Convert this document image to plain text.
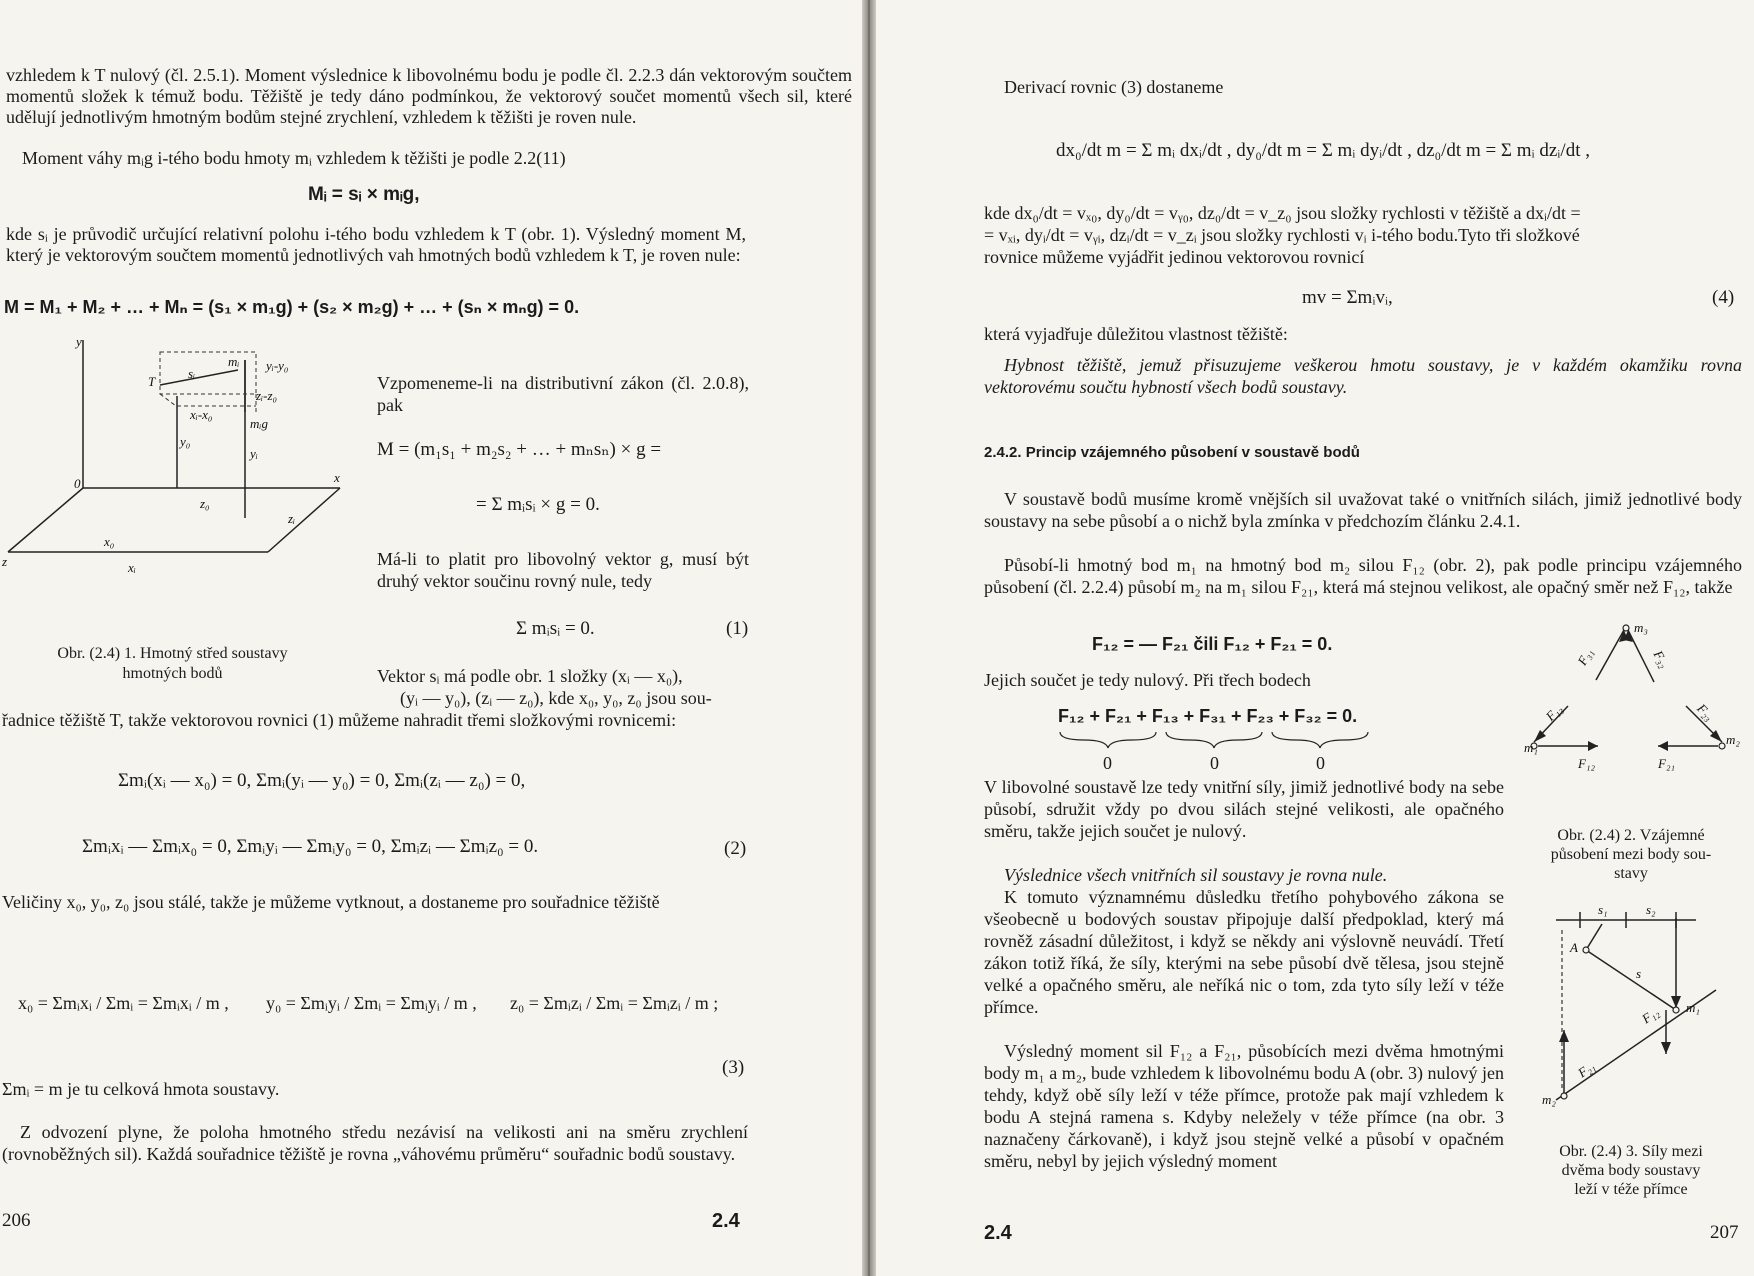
vzhledem k T nulový (čl. 2.5.1). Moment výslednice k libovolnému bodu je podle čl. 2.2.3 dán vektorovým součtem momentů složek k témuž bodu. Těžiště je tedy dáno podmínkou, že vektorový součet momentů všech sil, které udělují jednotlivým hmotným bodům stejné zrychlení, vzhledem k těžišti je roven nule.
Moment váhy mᵢg i-tého bodu hmoty mᵢ vzhledem k těžišti je podle 2.2(11)
Mᵢ = sᵢ × mᵢg,
kde sᵢ je průvodič určující relativní polohu i-tého bodu vzhledem k T (obr. 1). Výsledný moment M, který je vektorovým součtem momentů jednotlivých vah hmotných bodů vzhledem k T, je roven nule:
M = M₁ + M₂ + … + Mₙ = (s₁ × m₁g) + (s₂ × m₂g) + … + (sₙ × mₙg) = 0.
y
x
z
0
T
sᵢ
mᵢ yᵢ-y₀
zᵢ-z₀
xᵢ-x₀
mᵢg
y₀
yᵢ
z₀
zᵢ
x₀
xᵢ
Vzpomeneme-li na distributivní zákon (čl. 2.0.8), pak
M = (m₁s₁ + m₂s₂ + … + mₙsₙ) × g =
= Σ mᵢsᵢ × g = 0.
Má-li to platit pro libovolný vektor g, musí být druhý vektor součinu rovný nule, tedy
Σ mᵢsᵢ = 0.	(1)
Obr. (2.4) 1. Hmotný střed soustavy
hmotných bodů	Vektor sᵢ má podle obr. 1 složky (xᵢ — x₀),
(yᵢ — y₀), (zᵢ — z₀), kde x₀, y₀, z₀ jsou sou-
řadnice těžiště T, takže vektorovou rovnici (1) můžeme nahradit třemi složkovými rovnicemi:
Σmᵢ(xᵢ — x₀) = 0, Σmᵢ(yᵢ — y₀) = 0, Σmᵢ(zᵢ — z₀) = 0,
Σmᵢxᵢ — Σmᵢx₀ = 0, Σmᵢyᵢ — Σmᵢy₀ = 0, Σmᵢzᵢ — Σmᵢz₀ = 0.	(2)
Veličiny x₀, y₀, z₀ jsou stálé, takže je můžeme vytknout, a dostaneme pro souřadnice těžiště
x₀ = Σmᵢxᵢ / Σmᵢ = Σmᵢxᵢ / m , y₀ = Σmᵢyᵢ / Σmᵢ = Σmᵢyᵢ / m , z₀ = Σmᵢzᵢ / Σmᵢ = Σmᵢzᵢ / m ;
(3)
Σmᵢ = m je tu celková hmota soustavy.
Z odvození plyne, že poloha hmotného středu nezávisí na velikosti ani na směru zrychlení (rovnoběžných sil). Každá souřadnice těžiště je rovna „váhovému průměru“ souřadnic bodů soustavy.
206	2.4
Derivací rovnic (3) dostaneme
dx₀/dt m = Σ mᵢ dxᵢ/dt , dy₀/dt m = Σ mᵢ dyᵢ/dt , dz₀/dt m = Σ mᵢ dzᵢ/dt ,
kde dx₀/dt = vₓ₀, dy₀/dt = vᵧ₀, dz₀/dt = v_z₀ jsou složky rychlosti v těžiště a dxᵢ/dt =
= vₓᵢ, dyᵢ/dt = vᵧᵢ, dzᵢ/dt = v_zᵢ jsou složky rychlosti vᵢ i-tého bodu.Tyto tři složkové
rovnice můžeme vyjádřit jedinou vektorovou rovnicí
mv = Σmᵢvᵢ,	(4)
která vyjadřuje důležitou vlastnost těžiště:
Hybnost těžiště, jemuž přisuzujeme veškerou hmotu soustavy, je v každém okamžiku rovna vektorovému součtu hybností všech bodů soustavy.
2.4.2. Princip vzájemného působení v soustavě bodů
V soustavě bodů musíme kromě vnějších sil uvažovat také o vnitřních silách, jimiž jednotlivé body soustavy na sebe působí a o nichž byla zmínka v předchozím článku 2.4.1.
Působí-li hmotný bod m₁ na hmotný bod m₂ silou F₁₂ (obr. 2), pak podle principu vzájemného působení (čl. 2.2.4) působí m₂ na m₁ silou F₂₁, která má stejnou velikost, ale opačný směr než F₁₂, takže
F₁₂ = — F₂₁ čili F₁₂ + F₂₁ = 0.
Jejich součet je tedy nulový. Při třech bodech
F₁₂ + F₂₁ + F₁₃ + F₃₁ + F₂₃ + F₃₂ = 0.
0	0	0
V libovolné soustavě lze tedy vnitřní síly, jimiž jednotlivé body na sebe působí, sdružit vždy po dvou silách stejné velikosti, ale opačného směru, takže jejich součet je nulový.
Výslednice všech vnitřních sil soustavy je rovna nule.
K tomuto významnému důsledku třetího pohybového zákona se všeobecně u bodových soustav připojuje další předpoklad, který má rovněž zásadní důležitost, i když se někdy ani výslovně neuvádí. Třetí zákon totiž říká, že síly, kterými na sebe působí dvě tělesa, jsou stejně velké a opačného směru, ale neříká nic o tom, zda tyto síly leží v téže přímce.
Výsledný moment sil F₁₂ a F₂₁, působících mezi dvěma hmotnými body m₁ a m₂, bude vzhledem k libovolnému bodu A (obr. 3) nulový jen tehdy, když obě síly leží v téže přímce, protože pak mají vzhledem k bodu A stejná ramena s. Kdyby neležely v téže přímce (na obr. 3 naznačeny čárkovaně), i když jsou stejně velké a působí v opačném směru, nebyl by jejich výsledný moment
m₃
F₃₁	F₃₂
F₁₃	F₂₃
m₁
m₂
F₁₂	F₂₁
Obr. (2.4) 2. Vzájemné
působení mezi body sou-
stavy
s₁	s₂
A
s
m₁
F₁₂
F₂₁
m₂
Obr. (2.4) 3. Síly mezi
dvěma body soustavy
leží v téže přímce
2.4	207
